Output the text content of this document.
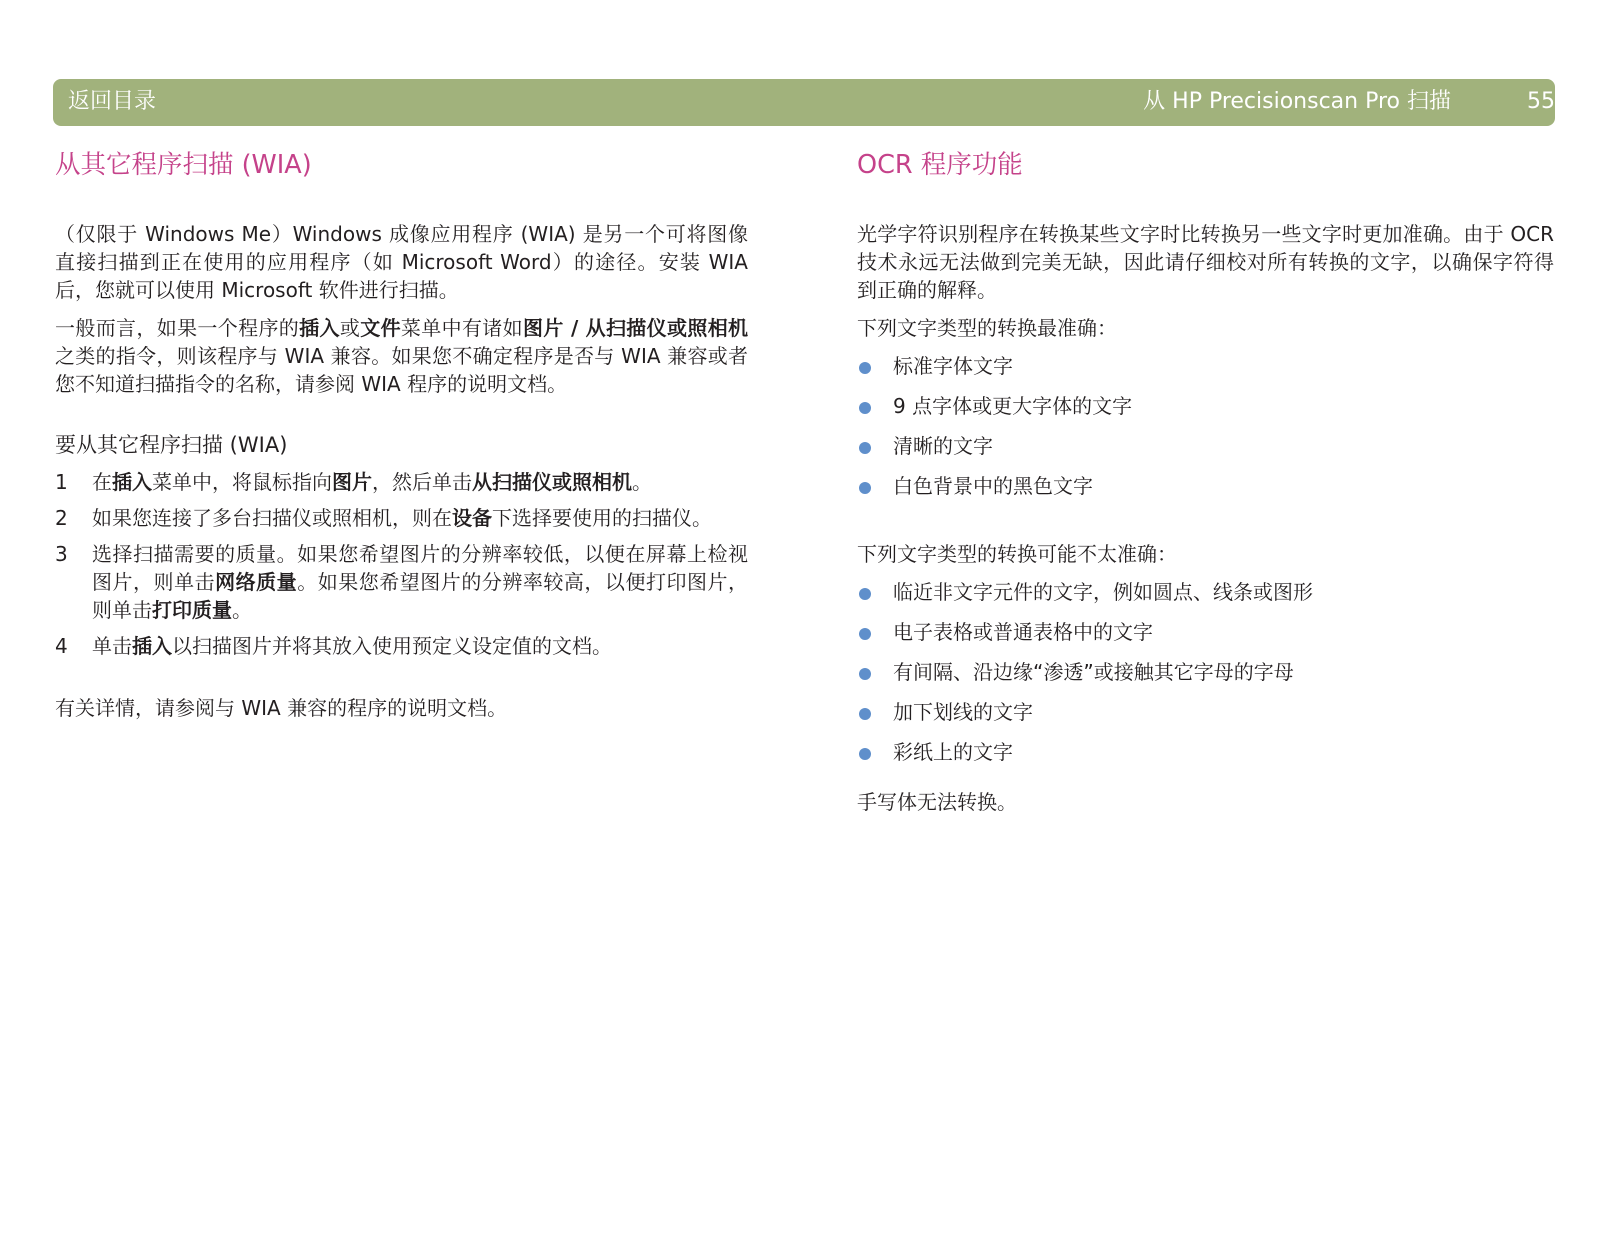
返回目录	从 HP Precisionscan Pro 扫描	55
从其它程序扫描 (WIA)

（仅限于 Windows Me）Windows 成像应用程序 (WIA) 是另一个可将图像直接扫描到正在使用的应用程序（如 Microsoft Word）的途径。安装 WIA 后，您就可以使用 Microsoft 软件进行扫描。

一般而言，如果一个程序的插入或文件菜单中有诸如图片 / 从扫描仪或照相机之类的指令，则该程序与 WIA 兼容。如果您不确定程序是否与 WIA 兼容或者您不知道扫描指令的名称，请参阅 WIA 程序的说明文档。

要从其它程序扫描 (WIA)
1 在插入菜单中，将鼠标指向图片，然后单击从扫描仪或照相机。
2 如果您连接了多台扫描仪或照相机，则在设备下选择要使用的扫描仪。
3 选择扫描需要的质量。如果您希望图片的分辨率较低，以便在屏幕上检视图片，则单击网络质量。如果您希望图片的分辨率较高，以便打印图片，则单击打印质量。
4 单击插入以扫描图片并将其放入使用预定义设定值的文档。

有关详情，请参阅与 WIA 兼容的程序的说明文档。

OCR 程序功能

光学字符识别程序在转换某些文字时比转换另一些文字时更加准确。由于 OCR 技术永远无法做到完美无缺，因此请仔细校对所有转换的文字，以确保字符得到正确的解释。

下列文字类型的转换最准确：

标准字体文字
9 点字体或更大字体的文字
清晰的文字
白色背景中的黑色文字

下列文字类型的转换可能不太准确：

临近非文字元件的文字，例如圆点、线条或图形
电子表格或普通表格中的文字
有间隔、沿边缘“渗透”或接触其它字母的字母
加下划线的文字
彩纸上的文字

手写体无法转换。
